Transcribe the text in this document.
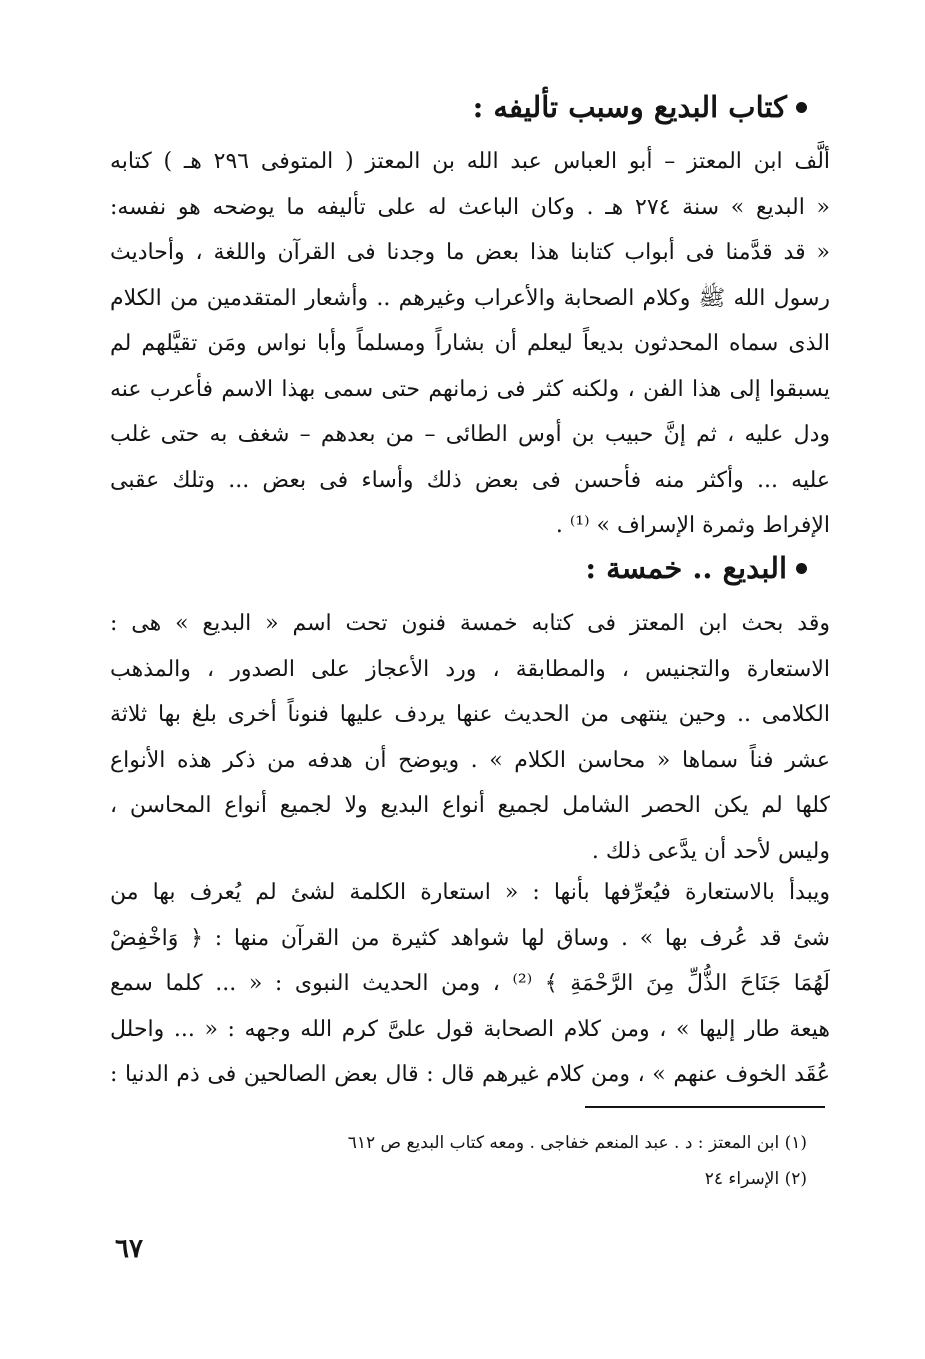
كتاب البديع وسبب تأليفه :
ألَّف ابن المعتز – أبو العباس عبد الله بن المعتز ( المتوفى ٢٩٦ هـ ) كتابه
« البديع » سنة ٢٧٤ هـ . وكان الباعث له على تأليفه ما يوضحه هو نفسه:
« قد قدَّمنا فى أبواب كتابنا هذا بعض ما وجدنا فى القرآن واللغة ، وأحاديث
رسول الله ﷺ وكلام الصحابة والأعراب وغيرهم .. وأشعار المتقدمين من الكلام
الذى سماه المحدثون بديعاً ليعلم أن بشاراً ومسلماً وأبا نواس ومَن تقيَّلهم لم
يسبقوا إلى هذا الفن ، ولكنه كثر فى زمانهم حتى سمى بهذا الاسم فأعرب عنه
ودل عليه ، ثم إنَّ حبيب بن أوس الطائى – من بعدهم – شغف به حتى غلب
عليه ... وأكثر منه فأحسن فى بعض ذلك وأساء فى بعض ... وتلك عقبى
الإفراط وثمرة الإسراف » ⁽¹⁾ .
البديع .. خمسة :
وقد بحث ابن المعتز فى كتابه خمسة فنون تحت اسم « البديع » هى :
الاستعارة والتجنيس ، والمطابقة ، ورد الأعجاز على الصدور ، والمذهب
الكلامى .. وحين ينتهى من الحديث عنها يردف عليها فنوناً أخرى بلغ بها ثلاثة
عشر فناً سماها « محاسن الكلام » . ويوضح أن هدفه من ذكر هذه الأنواع
كلها لم يكن الحصر الشامل لجميع أنواع البديع ولا لجميع أنواع المحاسن ،
وليس لأحد أن يدَّعى ذلك .
ويبدأ بالاستعارة فيُعرِّفها بأنها : « استعارة الكلمة لشئ لم يُعرف بها من
شئ قد عُرف بها » . وساق لها شواهد كثيرة من القرآن منها : ﴿ وَاخْفِضْ
لَهُمَا جَنَاحَ الذُّلِّ مِنَ الرَّحْمَةِ ﴾ ⁽²⁾ ، ومن الحديث النبوى : « ... كلما سمع
هيعة طار إليها » ، ومن كلام الصحابة قول علىَّ كرم الله وجهه : « ... واحلل
عُقَد الخوف عنهم » ، ومن كلام غيرهم قال : قال بعض الصالحين فى ذم الدنيا :
(١) ابن المعتز : د . عبد المنعم خفاجى . ومعه كتاب البديع ص ٦١٢
(٢) الإسراء ٢٤
٦٧
